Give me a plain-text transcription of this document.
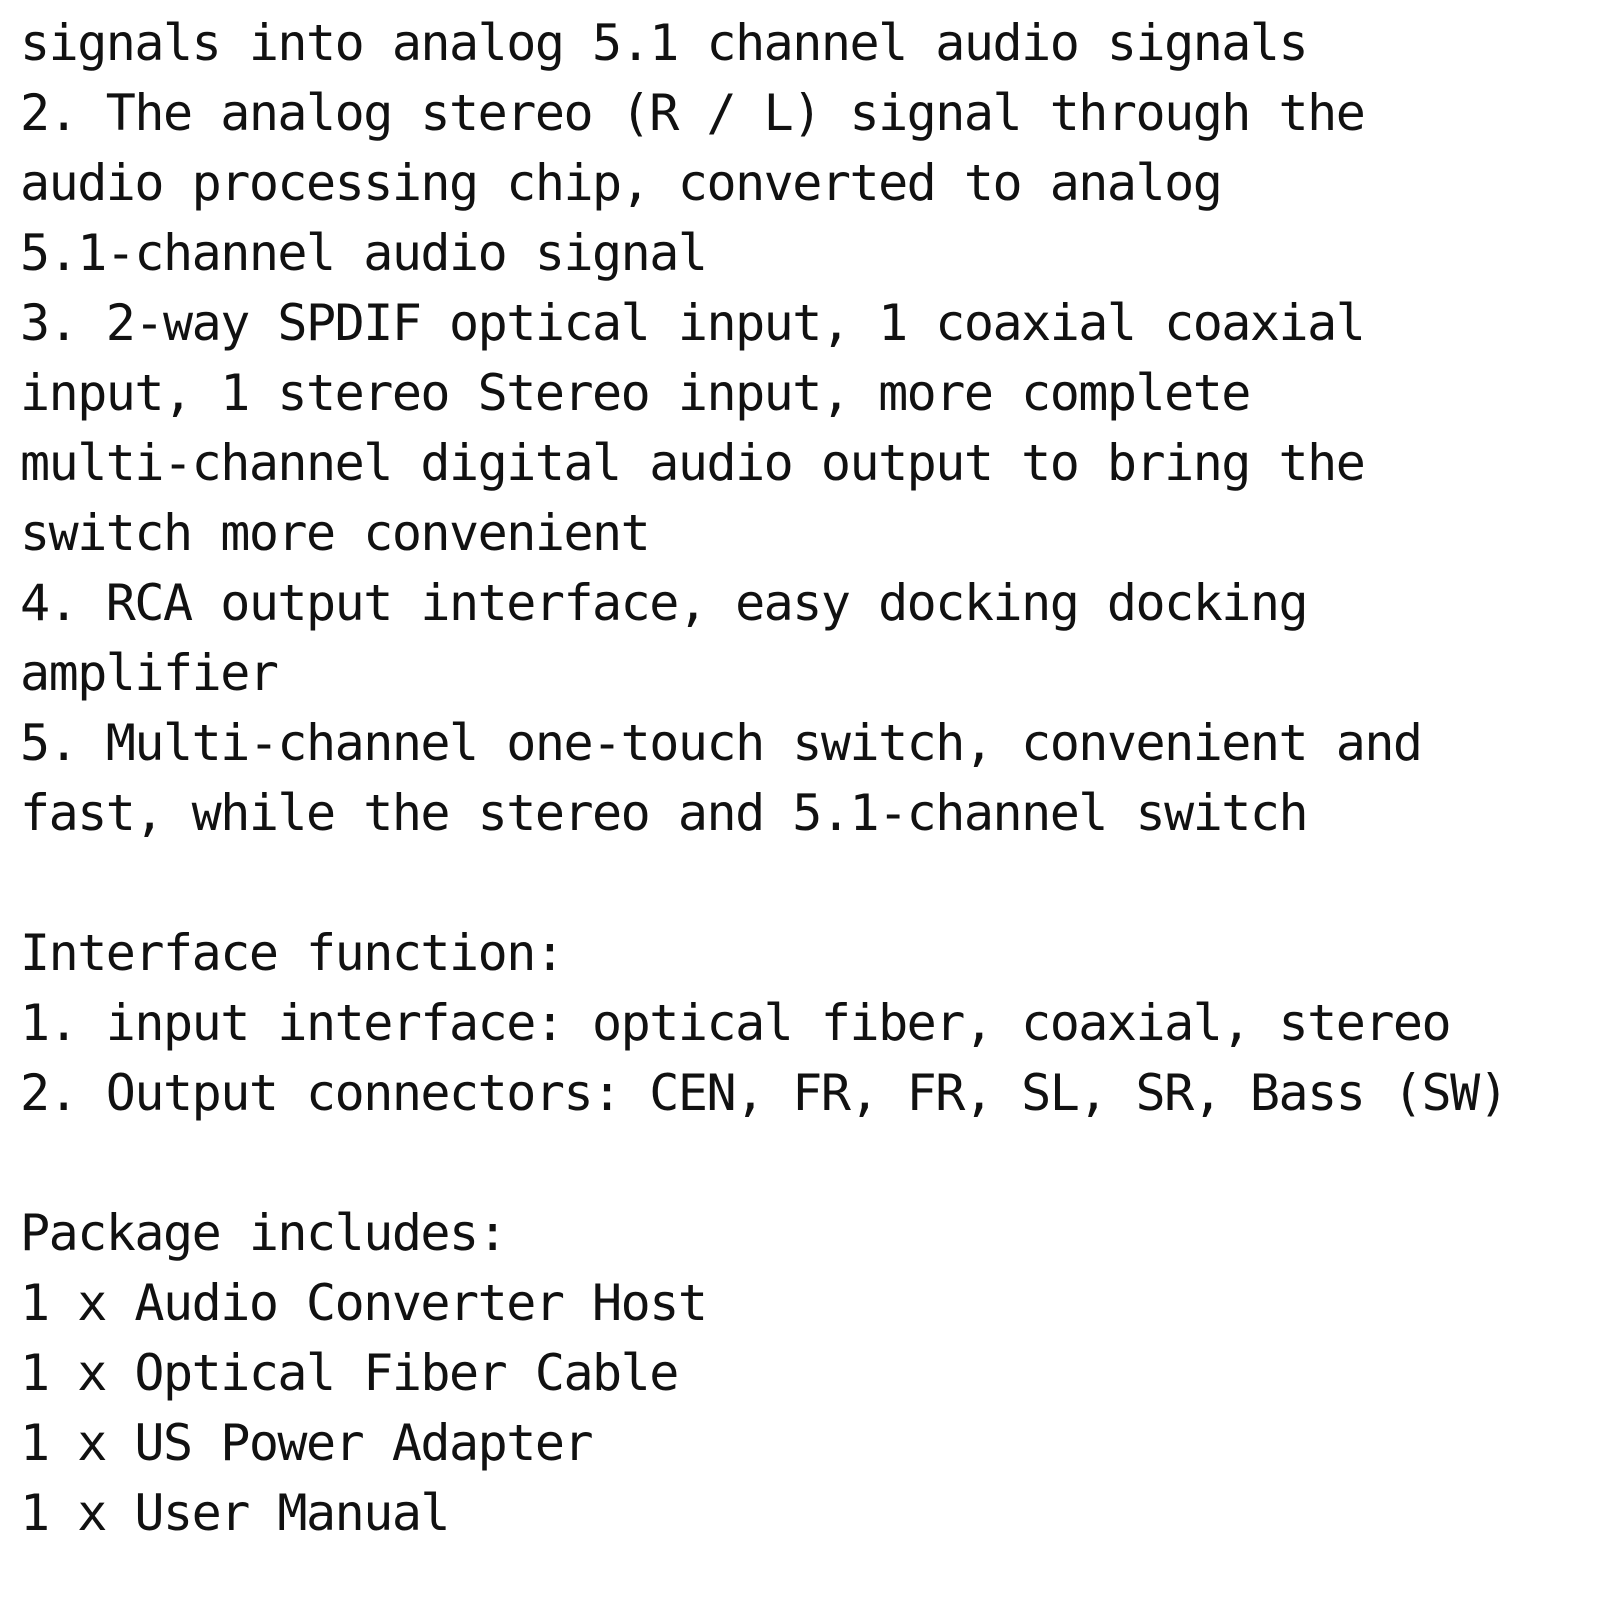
signals into analog 5.1 channel audio signals
2. The analog stereo (R / L) signal through the
audio processing chip, converted to analog
5.1-channel audio signal
3. 2-way SPDIF optical input, 1 coaxial coaxial
input, 1 stereo Stereo input, more complete
multi-channel digital audio output to bring the
switch more convenient
4. RCA output interface, easy docking docking
amplifier
5. Multi-channel one-touch switch, convenient and
fast, while the stereo and 5.1-channel switch
Interface function:
1. input interface: optical fiber, coaxial, stereo
2. Output connectors: CEN, FR, FR, SL, SR, Bass (SW)
Package includes:
1 x Audio Converter Host
1 x Optical Fiber Cable
1 x US Power Adapter
1 x User Manual
